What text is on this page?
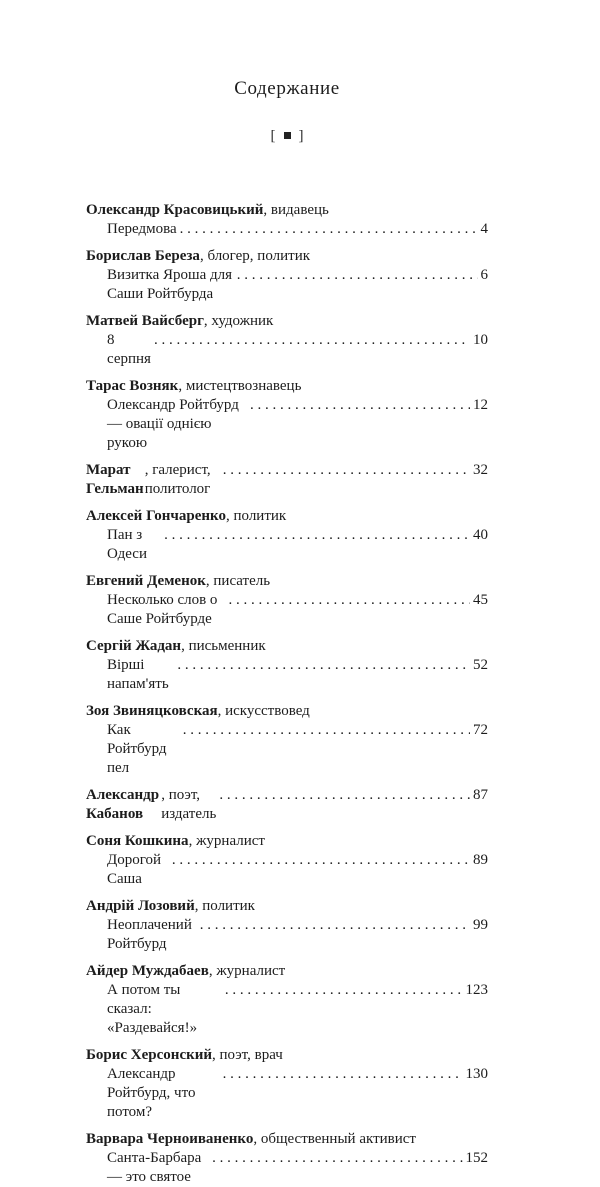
Содержание
[ ]
Олександр Красовицький, видавець
Передмова . . .	4
Борислав Береза, блогер, политик
Визитка Яроша для Саши Ройтбурда
. . .
6
Матвей Вайсберг, художник
8 серпня
. . .
10
Тарас Возняк, мистецтвознавець
Олександр Ройтбурд — овації однією рукою
. . .
12
Марат Гельман
, галерист, политолог
. . .
32
Алексей Гончаренко, политик
Пан з Одеси
. . .
40
Евгений Деменок, писатель
Несколько слов о Саше Ройтбурде
. . .
45
Сергій Жадан, письменник
Вірші напам'ять
. . .
52
Зоя Звиняцковская, искусствовед
Как Ройтбурд пел
. . .
72
Александр Кабанов
, поэт, издатель
. . .
87
Соня Кошкина, журналист
Дорогой Саша
. . .
89
Андрій Лозовий, политик
Неоплачений Ройтбурд
. . .
99
Айдер Муждабаев, журналист
А потом ты сказал: «Раздевайся!»
. . .
123
Борис Херсонский, поэт, врач
Александр Ройтбурд, что потом?
. . .
130
Варвара Черноиваненко, общественный активист
Санта-Барбара — это святое
. . .
152
